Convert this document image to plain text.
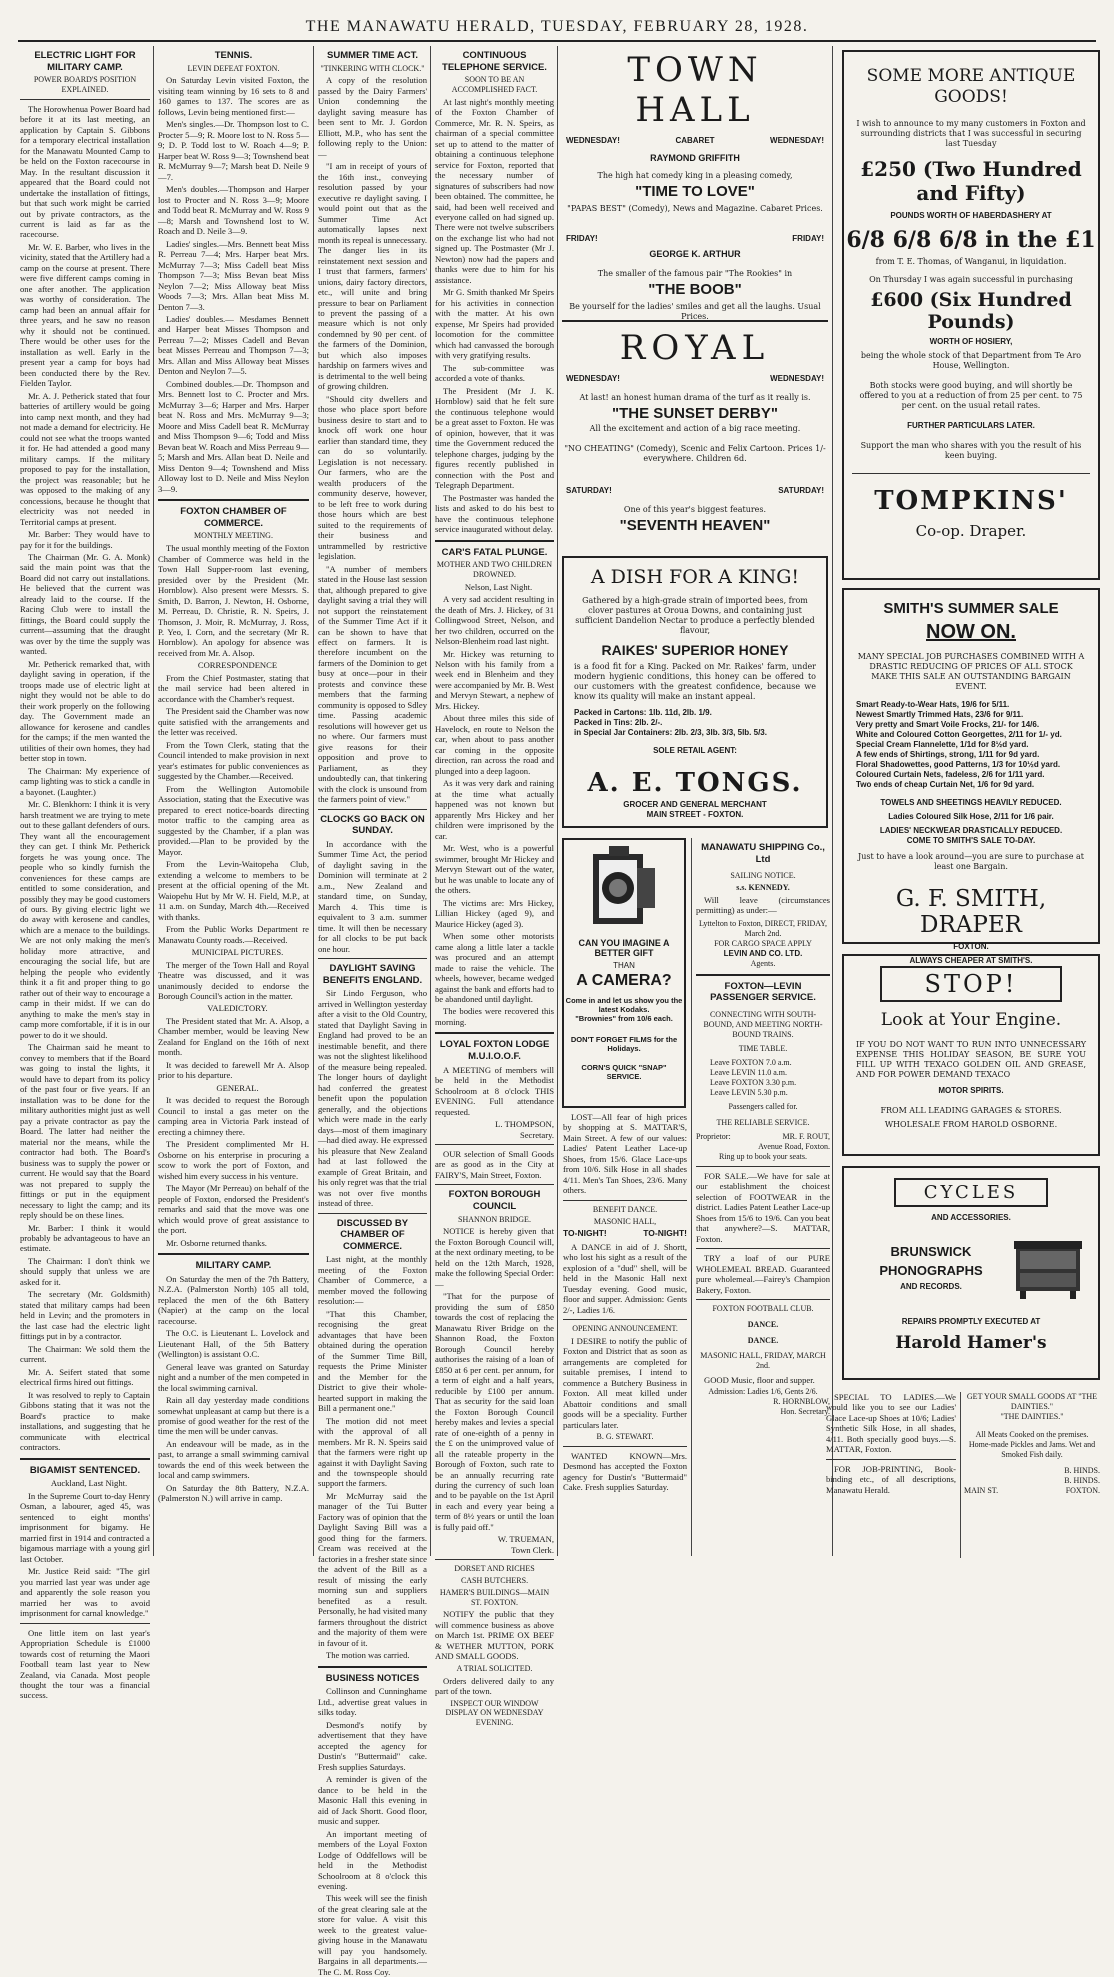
THE MANAWATU HERALD, TUESDAY, FEBRUARY 28, 1928.
ELECTRIC LIGHT FOR MILITARY CAMP.
POWER BOARD'S POSITION EXPLAINED.

The Horowhenua Power Board had before it at its last meeting, an application by Captain S. Gibbons for a temporary electrical installation for the Manawatu Mounted Camp to be held on the Foxton racecourse in May. In the resultant discussion it appeared that the Board could not undertake the installation of fittings, but that such work might be carried out by private contractors, as the current is laid as far as the racecourse.

Mr. W. E. Barber, who lives in the vicinity, stated that the Artillery had a camp on the course at present. There were five different camps coming in one after another. The application was worthy of consideration. The camp had been an annual affair for three years, and he saw no reason why it should not be continued. There would be other uses for the installation as well. Early in the present year a camp for boys had been conducted there by the Rev. Fielden Taylor.

Mr. A. J. Petherick stated that four batteries of artillery would be going into camp next month, and they had not made a demand for electricity. He could not see what the troops wanted it for. He had attended a good many military camps. If the military proposed to pay for the installation, the project was reasonable; but he was opposed to the making of any concessions, because he thought that electricity was not needed in Territorial camps at present.

Mr. Barber: They would have to pay for it for the buildings.

The Chairman (Mr. G. A. Monk) said the main point was that the Board did not carry out installations. He believed that the current was already laid to the course. If the Racing Club were to install the fittings, the Board could supply the current—assuming that the draught was over by the time the supply was wanted.

Mr. Petherick remarked that, with daylight saving in operation, if the troops made use of electric light at night they would not be able to do their work properly on the following day. The Government made an allowance for kerosene and candles for the camps; if the men wanted the utilities of their own homes, they had better stop in town.

The Chairman: My experience of camp lighting was to stick a candle in a bayonet. (Laughter.)

Mr. C. Blenkhorn: I think it is very harsh treatment we are trying to mete out to these gallant defenders of ours. They want all the encouragement they can get. I think Mr. Petherick forgets he was young once. The people who so kindly furnish the conveniences for these camps are entitled to some consideration, and possibly they may be good customers of ours. By giving electric light we do away with kerosene and candles, which are a menace to the buildings. We are not only making the men's holiday more attractive, and encouraging the social life, but are helping the people who evidently think it a fit and proper thing to go rather out of their way to encourage a camp in their midst. If we can do anything to make the men's stay in camp more comfortable, if it is in our power to do it we should.

The Chairman said he meant to convey to members that if the Board was going to instal the lights, it would have to depart from its policy of the past four or five years. If an installation was to be done for the military authorities might just as well pay a private contractor as pay the Board. The latter had neither the material nor the means, while the contractor had both. The Board's business was to supply the power or current. He would say that the Board was not prepared to supply the fittings or put in the equipment necessary to light the camp; and its reply should be on these lines.

Mr. Barber: I think it would probably be advantageous to have an estimate.

The Chairman: I don't think we should supply that unless we are asked for it.

The secretary (Mr. Goldsmith) stated that military camps had been held in Levin; and the promoters in the last case had the electric light fittings put in by a contractor.

The Chairman: We sold them the current.

Mr. A. Seifert stated that some electrical firms hired out fittings.

It was resolved to reply to Captain Gibbons stating that it was not the Board's practice to make installations, and suggesting that he communicate with electrical contractors.

BIGAMIST SENTENCED.

Auckland, Last Night.

In the Supreme Court to-day Henry Osman, a labourer, aged 45, was sentenced to eight months' imprisonment for bigamy. He married first in 1914 and contracted a bigamous marriage with a young girl last October.

Mr. Justice Reid said: "The girl you married last year was under age and apparently the sole reason you married her was to avoid imprisonment for carnal knowledge."

One little item on last year's Appropriation Schedule is £1000 towards cost of returning the Maori Football team last year to New Zealand, via Canada. Most people thought the tour was a financial success.

TENNIS.
LEVIN DEFEAT FOXTON.

On Saturday Levin visited Foxton, the visiting team winning by 16 sets to 8 and 160 games to 137. The scores are as follows, Levin being mentioned first:—

Men's singles.—Dr. Thompson lost to C. Procter 5—9; R. Moore lost to N. Ross 5—9; D. P. Todd lost to W. Roach 4—9; P. Harper beat W. Ross 9—3; Townshend beat R. McMurray 9—7; Marsh beat D. Neile 9—7.

Men's doubles.—Thompson and Harper lost to Procter and N. Ross 3—9; Moore and Todd beat R. McMurray and W. Ross 9—8; Marsh and Townshend lost to W. Roach and D. Neile 3—9.

Ladies' singles.—Mrs. Bennett beat Miss R. Perreau 7—4; Mrs. Harper beat Mrs. McMurray 7—3; Miss Cadell beat Miss Thompson 7—3; Miss Bevan beat Miss Neylon 7—2; Miss Alloway beat Miss Woods 7—3; Mrs. Allan beat Miss M. Denton 7—3.

Ladies' doubles.— Mesdames Bennett and Harper beat Misses Thompson and Perreau 7—2; Misses Cadell and Bevan beat Misses Perreau and Thompson 7—3; Mrs. Allan and Miss Alloway beat Misses Denton and Neylon 7—5.

Combined doubles.—Dr. Thompson and Mrs. Bennett lost to C. Procter and Mrs. McMurray 3—6; Harper and Mrs. Harper beat N. Ross and Mrs. McMurray 9—3; Moore and Miss Cadell beat R. McMurray and Miss Thompson 9—6; Todd and Miss Bevan beat W. Roach and Miss Perreau 9—5; Marsh and Mrs. Allan beat D. Neile and Miss Denton 9—4; Townshend and Miss Alloway lost to D. Neile and Miss Neylon 3—9.

FOXTON CHAMBER OF COMMERCE.
MONTHLY MEETING.

The usual monthly meeting of the Foxton Chamber of Commerce was held in the Town Hall Supper-room last evening, presided over by the President (Mr. Hornblow). Also present were Messrs. S. Smith, D. Barron, J. Newton, H. Osborne, M. Perreau, D. Christie, R. N. Speirs, J. Thomson, J. Moir, R. McMurray, J. Ross, P. Yeo, I. Corn, and the secretary (Mr R. Hornblow). An apology for absence was received from Mr. A. Alsop.

CORRESPONDENCE

From the Chief Postmaster, stating that the mail service had been altered in accordance with the Chamber's request.

The President said the Chamber was now quite satisfied with the arrangements and the letter was received.

From the Town Clerk, stating that the Council intended to make provision in next year's estimates for public conveniences as suggested by the Chamber.—Received.

From the Wellington Automobile Association, stating that the Executive was prepared to erect notice-boards directing motor traffic to the camping area as suggested by the Chamber, if a plan was provided.—Plan to be provided by the Mayor.

From the Levin-Waitopeha Club, extending a welcome to members to be present at the official opening of the Mt. Waiopehu Hut by Mr W. H. Field, M.P., at 11 a.m. on Sunday, March 4th.—Received with thanks.

From the Public Works Department re Manawatu County roads.—Received.

MUNICIPAL PICTURES.

The merger of the Town Hall and Royal Theatre was discussed, and it was unanimously decided to endorse the Borough Council's action in the matter.

VALEDICTORY.

The President stated that Mr. A. Alsop, a Chamber member, would be leaving New Zealand for England on the 16th of next month.

It was decided to farewell Mr A. Alsop prior to his departure.

GENERAL.

It was decided to request the Borough Council to instal a gas meter on the camping area in Victoria Park instead of erecting a chimney there.

The President complimented Mr H. Osborne on his enterprise in procuring a scow to work the port of Foxton, and wished him every success in his venture.

The Mayor (Mr Perreau) on behalf of the people of Foxton, endorsed the President's remarks and said that the move was one which would prove of great assistance to the port.

Mr. Osborne returned thanks.

MILITARY CAMP.

On Saturday the men of the 7th Battery, N.Z.A. (Palmerston North) 105 all told, replaced the men of the 6th Battery (Napier) at the camp on the local racecourse.

The O.C. is Lieutenant L. Lovelock and Lieutenant Hall, of the 5th Battery (Wellington) is assistant O.C.

General leave was granted on Saturday night and a number of the men competed in the local swimming carnival.

Rain all day yesterday made conditions somewhat unpleasant at camp but there is a promise of good weather for the rest of the time the men will be under canvas.

An endeavour will be made, as in the past, to arrange a small swimming carnival towards the end of this week between the local and camp swimmers.

On Saturday the 8th Battery, N.Z.A. (Palmerston N.) will arrive in camp.

SUMMER TIME ACT.
"TINKERING WITH CLOCK."

A copy of the resolution passed by the Dairy Farmers' Union condemning the daylight saving measure has been sent to Mr. J. Gordon Elliott, M.P., who has sent the following reply to the Union:—

"I am in receipt of yours of the 16th inst., conveying resolution passed by your executive re daylight saving. I would point out that as the Summer Time Act automatically lapses next month its repeal is unnecessary. The danger lies in its reinstatement next session and I trust that farmers, farmers' unions, dairy factory directors, etc., will unite and bring pressure to bear on Parliament to prevent the passing of a measure which is not only condemned by 90 per cent. of the farmers of the Dominion, but which also imposes hardship on farmers wives and is detrimental to the well being of growing children.

"Should city dwellers and those who place sport before business desire to start and to knock off work one hour earlier than standard time, they can do so voluntarily. Legislation is not necessary. Our farmers, who are the wealth producers of the community deserve, however, to be left free to work during those hours which are best suited to the requirements of their business and untrammelled by restrictive legislation.

"A number of members stated in the House last session that, although prepared to give daylight saving a trial they will not support the reinstatement of the Summer Time Act if it can be shown to have that effect on farmers. It is therefore incumbent on the farmers of the Dominion to get busy at once—pour in their protests and convince these members that the farming community is opposed to Sdley time. Passing academic resolutions will however get us no where. Our farmers must give reasons for their opposition and prove to Parliament, as they undoubtedly can, that tinkering with the clock is unsound from the farmers point of view."

CLOCKS GO BACK ON SUNDAY.

In accordance with the Summer Time Act, the period of daylight saving in the Dominion will terminate at 2 a.m., New Zealand and standard time, on Sunday, March 4. This time is equivalent to 3 a.m. summer time. It will then be necessary for all clocks to be put back one hour.

DAYLIGHT SAVING BENEFITS ENGLAND.

Sir Lindo Ferguson, who arrived in Wellington yesterday after a visit to the Old Country, stated that Daylight Saving in England had proved to be an inestimable benefit, and there was not the slightest likelihood of the measure being repealed. The longer hours of daylight had conferred the greatest benefit upon the population generally, and the objections which were made in the early days—most of them imaginary—had died away. He expressed his pleasure that New Zealand had at last followed the example of Great Britain, and his only regret was that the trial was not over five months instead of three.

DISCUSSED BY CHAMBER OF COMMERCE.

Last night, at the monthly meeting of the Foxton Chamber of Commerce, a member moved the following resolution:—

"That this Chamber, recognising the great advantages that have been obtained during the operation of the Summer Time Bill, requests the Prime Minister and the Member for the District to give their whole-hearted support in making the Bill a permanent one."

The motion did not meet with the approval of all members. Mr R. N. Speirs said that the farmers were right up against it with Daylight Saving and the townspeople should support the farmers.

Mr McMurray said the manager of the Tui Butter Factory was of opinion that the Daylight Saving Bill was a good thing for the farmers. Cream was received at the factories in a fresher state since the advent of the Bill as a result of missing the early morning sun and suppliers benefited as a result. Personally, he had visited many farmers throughout the district and the majority of them were in favour of it.

The motion was carried.

BUSINESS NOTICES

Collinson and Cunninghame Ltd., advertise great values in silks today.

Desmond's notify by advertisement that they have accepted the agency for Dustin's "Buttermaid" cake. Fresh supplies Saturdays.

A reminder is given of the dance to be held in the Masonic Hall this evening in aid of Jack Shortt. Good floor, music and supper.

An important meeting of members of the Loyal Foxton Lodge of Oddfellows will be held in the Methodist Schoolroom at 8 o'clock this evening.

This week will see the finish of the great clearing sale at the store for value. A visit this week to the greatest value-giving house in the Manawatu will pay you handsomely. Bargains in all departments.—The C. M. Ross Coy.

CONTINUOUS TELEPHONE SERVICE.
SOON TO BE AN ACCOMPLISHED FACT.

At last night's monthly meeting of the Foxton Chamber of Commerce, Mr. R. N. Speirs, as chairman of a special committee set up to attend to the matter of obtaining a continuous telephone service for Foxton, reported that the necessary number of signatures of subscribers had now been obtained. The committee, he said, had been well received and everyone called on had signed up. There were not twelve subscribers on the exchange list who had not signed up. The Postmaster (Mr J. Newton) now had the papers and thanks were due to him for his assistance.

Mr G. Smith thanked Mr Speirs for his activities in connection with the matter. At his own expense, Mr Speirs had provided locomotion for the committee which had canvassed the borough with very gratifying results.

The sub-committee was accorded a vote of thanks.

The President (Mr J. K. Hornblow) said that he felt sure the continuous telephone would be a great asset to Foxton. He was of opinion, however, that it was time the Government reduced the telephone charges, judging by the figures recently published in connection with the Post and Telegraph Department.

The Postmaster was handed the lists and asked to do his best to have the continuous telephone service inaugurated without delay.

CAR'S FATAL PLUNGE.
MOTHER AND TWO CHILDREN DROWNED.

Nelson, Last Night.

A very sad accident resulting in the death of Mrs. J. Hickey, of 31 Collingwood Street, Nelson, and her two children, occurred on the Nelson-Blenheim road last night.

Mr. Hickey was returning to Nelson with his family from a week end in Blenheim and they were accompanied by Mr. B. West and Mervyn Stewart, a nephew of Mrs. Hickey.

About three miles this side of Havelock, en route to Nelson the car, when about to pass another car coming in the opposite direction, ran across the road and plunged into a deep lagoon.

As it was very dark and raining at the time what actually happened was not known but apparently Mrs Hickey and her children were imprisoned by the car.

Mr. West, who is a powerful swimmer, brought Mr Hickey and Mervyn Stewart out of the water, but he was unable to locate any of the others.

The victims are: Mrs Hickey, Lillian Hickey (aged 9), and Maurice Hickey (aged 3).

When some other motorists came along a little later a tackle was procured and an attempt made to raise the vehicle. The wheels, however, became wedged against the bank and efforts had to be abandoned until daylight.

The bodies were recovered this morning.

LOYAL FOXTON LODGE M.U.I.O.O.F.

A MEETING of members will be held in the Methodist Schoolroom at 8 o'clock THIS EVENING. Full attendance requested.

L. THOMPSON,
Secretary.

OUR selection of Small Goods are as good as in the City at FAIRY'S, Main Street, Foxton.

FOXTON BOROUGH COUNCIL
SHANNON BRIDGE.

NOTICE is hereby given that the Foxton Borough Council will, at the next ordinary meeting, to be held on the 12th March, 1928, make the following Special Order:—

"That for the purpose of providing the sum of £850 towards the cost of replacing the Manawatu River Bridge on the Shannon Road, the Foxton Borough Council hereby authorises the raising of a loan of £850 at 6 per cent. per annum, for a term of eight and a half years, reducible by £100 per annum. That as security for the said loan the Foxton Borough Council hereby makes and levies a special rate of one-eighth of a penny in the £ on the unimproved value of all the rateable property in the Borough of Foxton, such rate to be an annually recurring rate during the currency of such loan and to be payable on the 1st April in each and every year being a term of 8½ years or until the loan is fully paid off."

W. TRUEMAN,
Town Clerk.
DORSET AND RICHES
CASH BUTCHERS.
HAMER'S BUILDINGS—MAIN ST. FOXTON.

NOTIFY the public that they will commence business as above on March 1st. PRIME OX BEEF & WETHER MUTTON, PORK AND SMALL GOODS.

A TRIAL SOLICITED.

Orders delivered daily to any part of the town.

INSPECT OUR WINDOW DISPLAY ON WEDNESDAY EVENING.
TOWN HALL
WEDNESDAY!	CABARET	WEDNESDAY!
RAYMOND GRIFFITH
The high hat comedy king in a pleasing comedy,
"TIME TO LOVE"
"PAPAS BEST" (Comedy), News and Magazine. Cabaret Prices.
FRIDAY!	FRIDAY!
GEORGE K. ARTHUR
The smaller of the famous pair "The Rookies" in
"THE BOOB"
Be yourself for the ladies' smiles and get all the laughs. Usual Prices.
ROYAL
WEDNESDAY!	WEDNESDAY!
At last! an honest human drama of the turf as it really is.
"THE SUNSET DERBY"
All the excitement and action of a big race meeting.
"NO CHEATING" (Comedy), Scenic and Felix Cartoon. Prices 1/- everywhere. Children 6d.
SATURDAY!	SATURDAY!
One of this year's biggest features.
"SEVENTH HEAVEN"
A DISH FOR A KING!
Gathered by a high-grade strain of imported bees, from clover pastures at Oroua Downs, and containing just sufficient Dandelion Nectar to produce a perfectly blended flavour,
RAIKES' SUPERIOR HONEY
is a food fit for a King. Packed on Mr. Raikes' farm, under modern hygienic conditions, this honey can be offered to our customers with the greatest confidence, because we know its quality will make an instant appeal.
Packed in Cartons: 1lb. 11d, 2lb. 1/9.
Packed in Tins: 2lb. 2/-.
in Special Jar Containers: 2lb. 2/3, 3lb. 3/3, 5lb. 5/3.
SOLE RETAIL AGENT:
A. E. TONGS.
GROCER AND GENERAL MERCHANT
MAIN STREET - FOXTON.
CAN YOU IMAGINE A BETTER GIFT
THAN
A CAMERA?
Come in and let us show you the latest Kodaks.
"Brownies" from 10/6 each.
DON'T FORGET FILMS for the Holidays.
CORN'S QUICK "SNAP" SERVICE.

LOST—All fear of high prices by shopping at S. MATTAR'S, Main Street. A few of our values: Ladies' Patent Leather Lace-up Shoes, from 15/6. Glace Lace-ups from 10/6. Silk Hose in all shades 4/11. Men's Tan Shoes, 23/6. Many others.

BENEFIT DANCE.
MASONIC HALL,
TO-NIGHT!	TO-NIGHT!

A DANCE in aid of J. Shortt, who lost his sight as a result of the explosion of a "dud" shell, will be held in the Masonic Hall next Tuesday evening. Good music, floor and supper. Admission: Gents 2/-, Ladies 1/6.

OPENING ANNOUNCEMENT.

I DESIRE to notify the public of Foxton and District that as soon as arrangements are completed for suitable premises, I intend to commence a Butchery Business in Foxton. All meat killed under Abattoir conditions and small goods will be a speciality. Further particulars later.

B. G. STEWART.

WANTED KNOWN—Mrs. Desmond has accepted the Foxton agency for Dustin's "Buttermaid" Cake. Fresh supplies Saturday.

MANAWATU SHIPPING Co., Ltd
SAILING NOTICE.
s.s. KENNEDY.

Will leave (circumstances permitting) as under:—

Lyttelton to Foxton, DIRECT, FRIDAY, March 2nd.
FOR CARGO SPACE APPLY
LEVIN AND CO. LTD.
Agents.
FOXTON—LEVIN PASSENGER SERVICE.
CONNECTING WITH SOUTH-BOUND, AND MEETING NORTH-BOUND TRAINS.
TIME TABLE.
Leave FOXTON 7.0 a.m.
Leave LEVIN 11.0 a.m.
Leave FOXTON 3.30 p.m.
Leave LEVIN 5.30 p.m.
Passengers called for.
THE RELIABLE SERVICE.
Proprietor:	MR. F. ROUT,
Avenue Road, Foxton.
Ring up to book your seats.

FOR SALE.—We have for sale at our establishment the choicest selection of FOOTWEAR in the district. Ladies Patent Leather Lace-up Shoes from 15/6 to 19/6. Can you beat that anywhere?—S. MATTAR, Foxton.

TRY a loaf of our PURE WHOLEMEAL BREAD. Guaranteed pure wholemeal.—Fairey's Champion Bakery, Foxton.

FOXTON FOOTBALL CLUB.
DANCE.
DANCE.
MASONIC HALL, FRIDAY, MARCH 2nd.

GOOD Music, floor and supper.

Admission: Ladies 1/6, Gents 2/6.
R. HORNBLOW,
Hon. Secretary.
SOME MORE ANTIQUE GOODS!
I wish to announce to my many customers in Foxton and surrounding districts that I was successful in securing last Tuesday
£250 (Two Hundred and Fifty)
POUNDS WORTH OF HABERDASHERY AT
6/8 6/8 6/8 in the £1
from T. E. Thomas, of Wanganui, in liquidation.
On Thursday I was again successful in purchasing
£600 (Six Hundred Pounds)
WORTH OF HOSIERY,
being the whole stock of that Department from Te Aro House, Wellington.
Both stocks were good buying, and will shortly be offered to you at a reduction of from 25 per cent. to 75 per cent. on the usual retail rates.
FURTHER PARTICULARS LATER.
Support the man who shares with you the result of his keen buying.
TOMPKINS'
Co-op. Draper.
SMITH'S SUMMER SALE
NOW ON.
MANY SPECIAL JOB PURCHASES COMBINED WITH A DRASTIC REDUCING OF PRICES OF ALL STOCK MAKE THIS SALE AN OUTSTANDING BARGAIN EVENT.
Smart Ready-to-Wear Hats, 19/6 for 5/11.
Newest Smartly Trimmed Hats, 23/6 for 9/11.
Very pretty and Smart Voile Frocks, 21/- for 14/6.
White and Coloured Cotton Georgettes, 2/11 for 1/- yd.
Special Cream Flannelette, 1/1d for 8½d yard.
A few ends of Shirtings, strong, 1/11 for 9d yard.
Floral Shadowettes, good Patterns, 1/3 for 10½d yard.
Coloured Curtain Nets, fadeless, 2/6 for 1/11 yard.
Two ends of cheap Curtain Net, 1/6 for 9d yard.
TOWELS AND SHEETINGS HEAVILY REDUCED.
Ladies Coloured Silk Hose, 2/11 for 1/6 pair.
LADIES' NECKWEAR DRASTICALLY REDUCED.
COME TO SMITH'S SALE TO-DAY.
Just to have a look around—you are sure to purchase at least one Bargain.
G. F. SMITH, DRAPER
FOXTON.
ALWAYS CHEAPER AT SMITH'S.
STOP!
Look at Your Engine.
IF YOU DO NOT WANT TO RUN INTO UNNECESSARY EXPENSE THIS HOLIDAY SEASON, BE SURE YOU FILL UP WITH TEXACO GOLDEN OIL AND GREASE, AND FOR POWER DEMAND TEXACO
MOTOR SPIRITS.
FROM ALL LEADING GARAGES & STORES.
WHOLESALE FROM HAROLD OSBORNE.
CYCLES
AND ACCESSORIES.
BRUNSWICK
PHONOGRAPHS
AND RECORDS.
REPAIRS PROMPTLY EXECUTED AT
Harold Hamer's

SPECIAL TO LADIES.—We would like you to see our Ladies' Glace Lace-up Shoes at 10/6; Ladies' Synthetic Silk Hose, in all shades, 4/11. Both specially good buys.—S. MATTAR, Foxton.

FOR JOB-PRINTING, Book-binding etc., of all descriptions, Manawatu Herald.

GET YOUR SMALL GOODS AT "THE DAINTIES."
"THE DAINTIES."
All Meats Cooked on the premises. Home-made Pickles and Jams. Wet and Smoked Fish daily.
B. HINDS.
B. HINDS.
MAIN ST.	FOXTON.
